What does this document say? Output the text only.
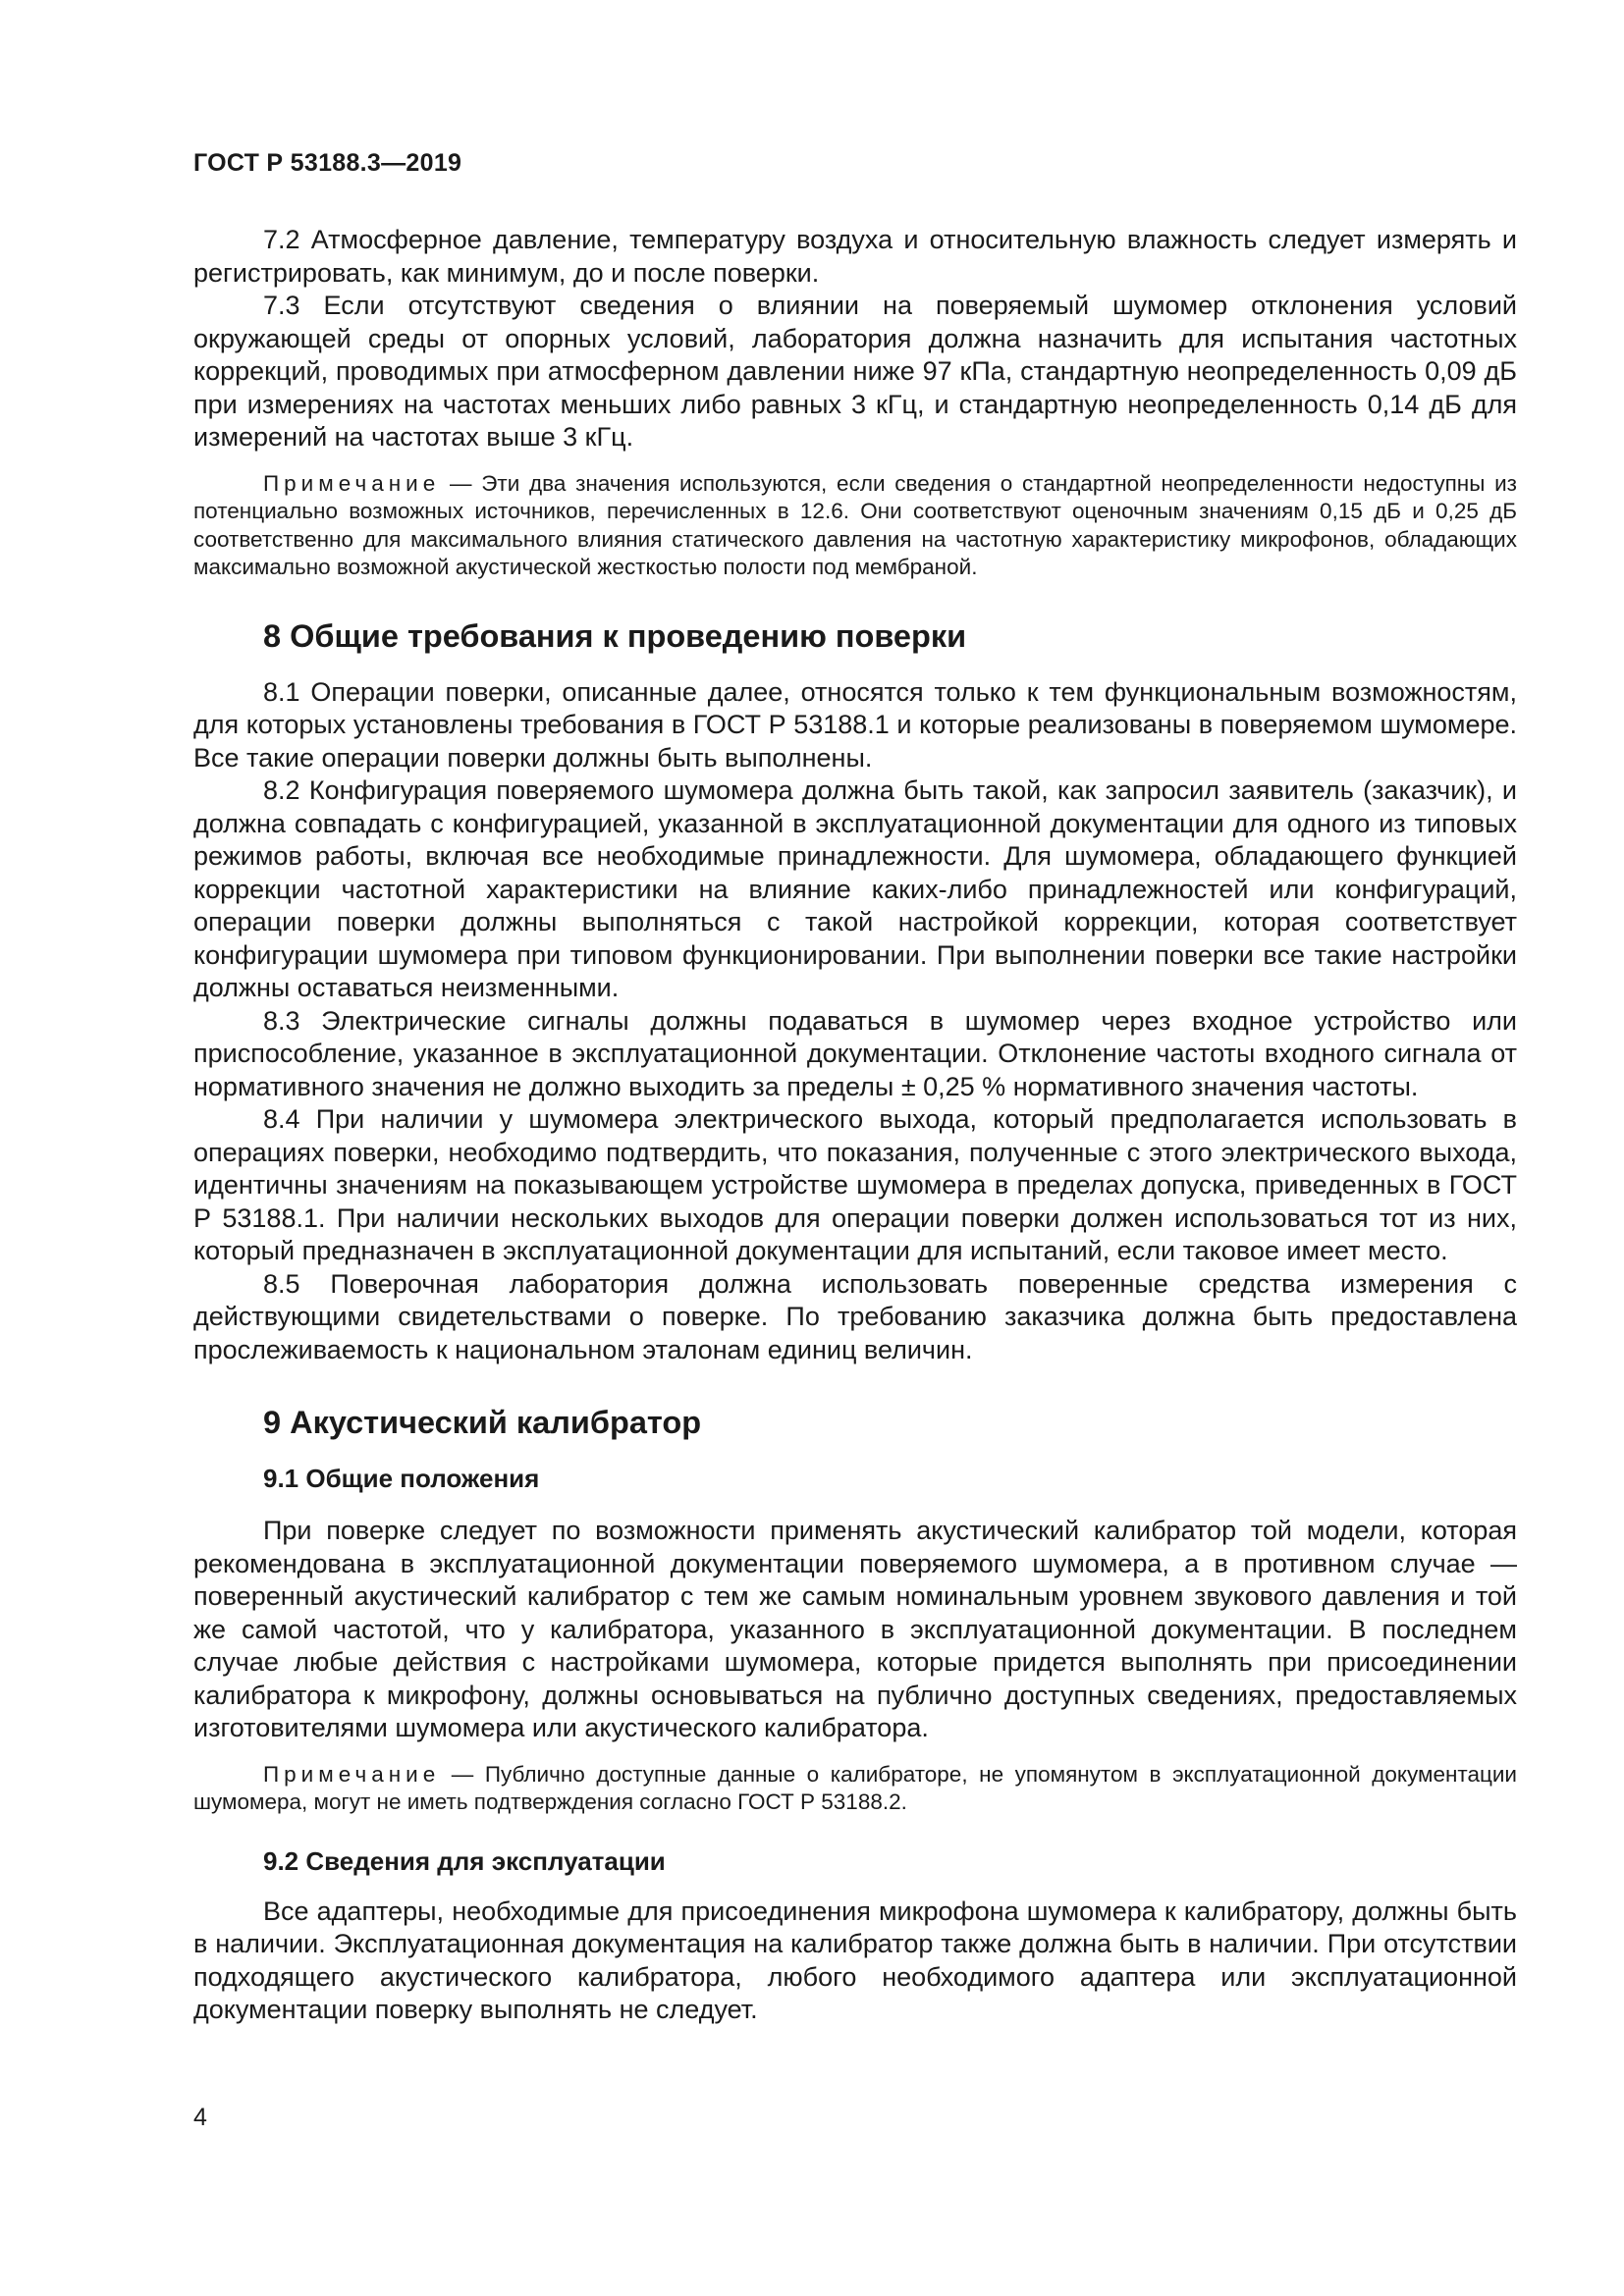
ГОСТ Р 53188.3—2019

7.2 Атмосферное давление, температуру воздуха и относительную влажность следует измерять и регистрировать, как минимум, до и после поверки.

7.3 Если отсутствуют сведения о влиянии на поверяемый шумомер отклонения условий окружающей среды от опорных условий, лаборатория должна назначить для испытания частотных коррекций, проводимых при атмосферном давлении ниже 97 кПа, стандартную неопределенность 0,09 дБ при измерениях на частотах меньших либо равных 3 кГц, и стандартную неопределенность 0,14 дБ для измерений на частотах выше 3 кГц.

Примечание — Эти два значения используются, если сведения о стандартной неопределенности недоступны из потенциально возможных источников, перечисленных в 12.6. Они соответствуют оценочным значениям 0,15 дБ и 0,25 дБ соответственно для максимального влияния статического давления на частотную характеристику микрофонов, обладающих максимально возможной акустической жесткостью полости под мембраной.

8 Общие требования к проведению поверки

8.1 Операции поверки, описанные далее, относятся только к тем функциональным возможностям, для которых установлены требования в ГОСТ Р 53188.1 и которые реализованы в поверяемом шумомере. Все такие операции поверки должны быть выполнены.

8.2 Конфигурация поверяемого шумомера должна быть такой, как запросил заявитель (заказчик), и должна совпадать с конфигурацией, указанной в эксплуатационной документации для одного из типовых режимов работы, включая все необходимые принадлежности. Для шумомера, обладающего функцией коррекции частотной характеристики на влияние каких-либо принадлежностей или конфигураций, операции поверки должны выполняться с такой настройкой коррекции, которая соответствует конфигурации шумомера при типовом функционировании. При выполнении поверки все такие настройки должны оставаться неизменными.

8.3 Электрические сигналы должны подаваться в шумомер через входное устройство или приспособление, указанное в эксплуатационной документации. Отклонение частоты входного сигнала от нормативного значения не должно выходить за пределы ± 0,25 % нормативного значения частоты.

8.4 При наличии у шумомера электрического выхода, который предполагается использовать в операциях поверки, необходимо подтвердить, что показания, полученные с этого электрического выхода, идентичны значениям на показывающем устройстве шумомера в пределах допуска, приведенных в ГОСТ Р 53188.1. При наличии нескольких выходов для операции поверки должен использоваться тот из них, который предназначен в эксплуатационной документации для испытаний, если таковое имеет место.

8.5 Поверочная лаборатория должна использовать поверенные средства измерения с действующими свидетельствами о поверке. По требованию заказчика должна быть предоставлена прослеживаемость к национальном эталонам единиц величин.

9 Акустический калибратор
9.1 Общие положения

При поверке следует по возможности применять акустический калибратор той модели, которая рекомендована в эксплуатационной документации поверяемого шумомера, а в противном случае — поверенный акустический калибратор с тем же самым номинальным уровнем звукового давления и той же самой частотой, что у калибратора, указанного в эксплуатационной документации. В последнем случае любые действия с настройками шумомера, которые придется выполнять при присоединении калибратора к микрофону, должны основываться на публично доступных сведениях, предоставляемых изготовителями шумомера или акустического калибратора.

Примечание — Публично доступные данные о калибраторе, не упомянутом в эксплуатационной документации шумомера, могут не иметь подтверждения согласно ГОСТ Р 53188.2.

9.2 Сведения для эксплуатации

Все адаптеры, необходимые для присоединения микрофона шумомера к калибратору, должны быть в наличии. Эксплуатационная документация на калибратор также должна быть в наличии. При отсутствии подходящего акустического калибратора, любого необходимого адаптера или эксплуатационной документации поверку выполнять не следует.

4
